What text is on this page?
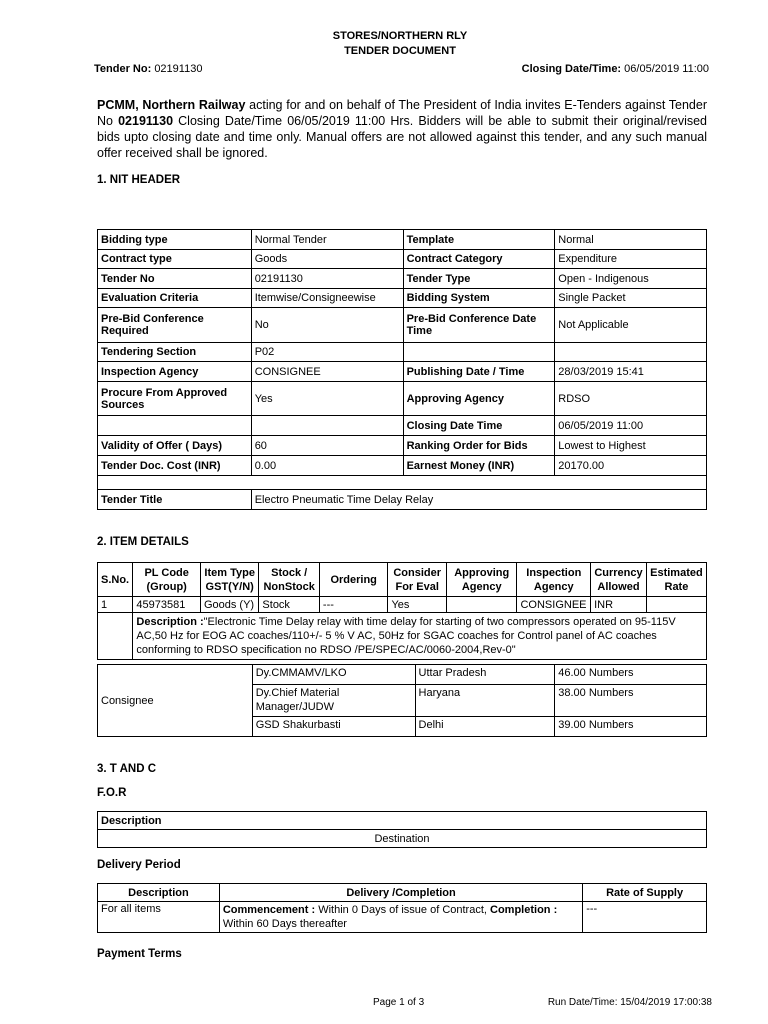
STORES/NORTHERN RLY
TENDER DOCUMENT
Tender No: 02191130	Closing Date/Time: 06/05/2019 11:00
PCMM, Northern Railway acting for and on behalf of The President of India invites E-Tenders against Tender No 02191130 Closing Date/Time 06/05/2019 11:00 Hrs. Bidders will be able to submit their original/revised bids upto closing date and time only. Manual offers are not allowed against this tender, and any such manual offer received shall be ignored.
1. NIT HEADER
Bidding type	Normal Tender	Template	Normal
Contract type	Goods	Contract Category	Expenditure
Tender No	02191130	Tender Type	Open - Indigenous
Evaluation Criteria	Itemwise/Consigneewise	Bidding System	Single Packet
Pre-Bid Conference Required	No	Pre-Bid Conference Date Time	Not Applicable
Tendering Section	P02		
Inspection Agency	CONSIGNEE	Publishing Date / Time	28/03/2019 15:41
Procure From Approved Sources	Yes	Approving Agency	RDSO
		Closing Date Time	06/05/2019 11:00
Validity of Offer ( Days)	60	Ranking Order for Bids	Lowest to Highest
Tender Doc. Cost (INR)	0.00	Earnest Money (INR)	20170.00

Tender Title	Electro Pneumatic Time Delay Relay		
2. ITEM DETAILS
S.No.	PL Code (Group)	Item Type GST(Y/N)	Stock / NonStock	Ordering	Consider For Eval	Approving Agency	Inspection Agency	Currency Allowed	Estimated Rate
1	45973581	Goods (Y)	Stock	---	Yes		CONSIGNEE	INR	
	Description :"Electronic Time Delay relay with time delay for starting of two compressors operated on 95-115V AC,50 Hz for EOG AC coaches/110+/- 5 % V AC, 50Hz for SGAC coaches for Control panel of AC coaches conforming to RDSO specification no RDSO /PE/SPEC/AC/0060-2004,Rev-0"								
Consignee	Dy.CMMAMV/LKO	Uttar Pradesh	46.00 Numbers
	Dy.Chief Material Manager/JUDW	Haryana	38.00 Numbers
	GSD Shakurbasti	Delhi	39.00 Numbers
3. T AND C
F.O.R
Description
Destination
Delivery Period
Description	Delivery /Completion	Rate of Supply
For all items	Commencement : Within 0 Days of issue of Contract, Completion : Within 60 Days thereafter	---
Payment Terms
Page 1 of 3	Run Date/Time: 15/04/2019 17:00:38
